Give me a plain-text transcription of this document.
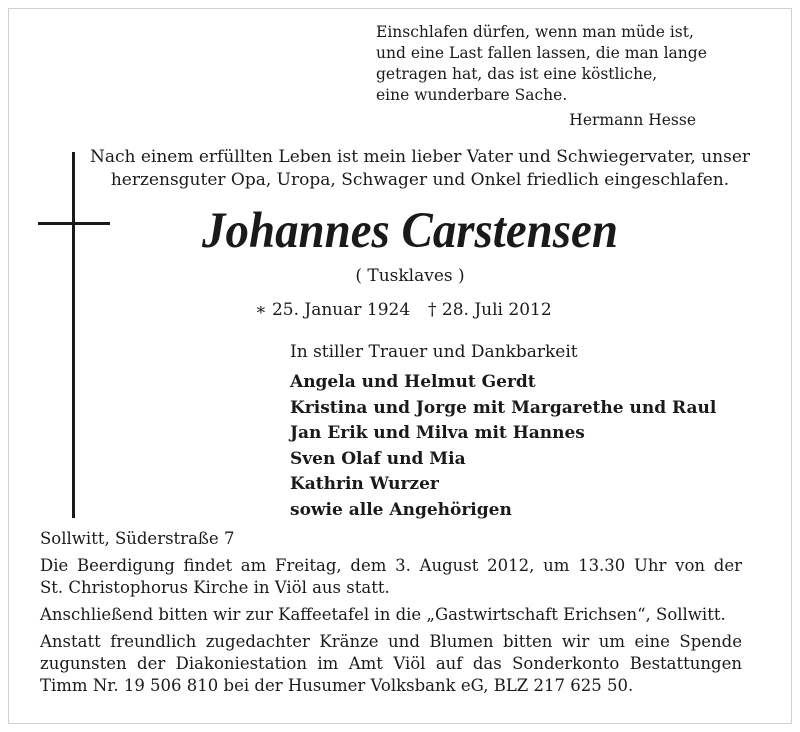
Einschlafen dürfen, wenn man müde ist,
und eine Last fallen lassen, die man lange
getragen hat, das ist eine köstliche,
eine wunderbare Sache.
Hermann Hesse
Nach einem erfüllten Leben ist mein lieber Vater und Schwiegervater, unser
herzensguter Opa, Uropa, Schwager und Onkel friedlich eingeschlafen.
Johannes Carstensen
( Tusklaves )
∗ 25. Januar 1924 † 28. Juli 2012
In stiller Trauer und Dankbarkeit
Angela und Helmut Gerdt
Kristina und Jorge mit Margarethe und Raul
Jan Erik und Milva mit Hannes
Sven Olaf und Mia
Kathrin Wurzer
sowie alle Angehörigen
Sollwitt, Süderstraße 7
Die Beerdigung findet am Freitag, dem 3. August 2012, um 13.30 Uhr von der
St. Christophorus Kirche in Viöl aus statt.
Anschließend bitten wir zur Kaffeetafel in die „Gastwirtschaft Erichsen“, Sollwitt.
Anstatt freundlich zugedachter Kränze und Blumen bitten wir um eine Spende
zugunsten der Diakoniestation im Amt Viöl auf das Sonderkonto Bestattungen
Timm Nr. 19 506 810 bei der Husumer Volksbank eG, BLZ 217 625 50.
